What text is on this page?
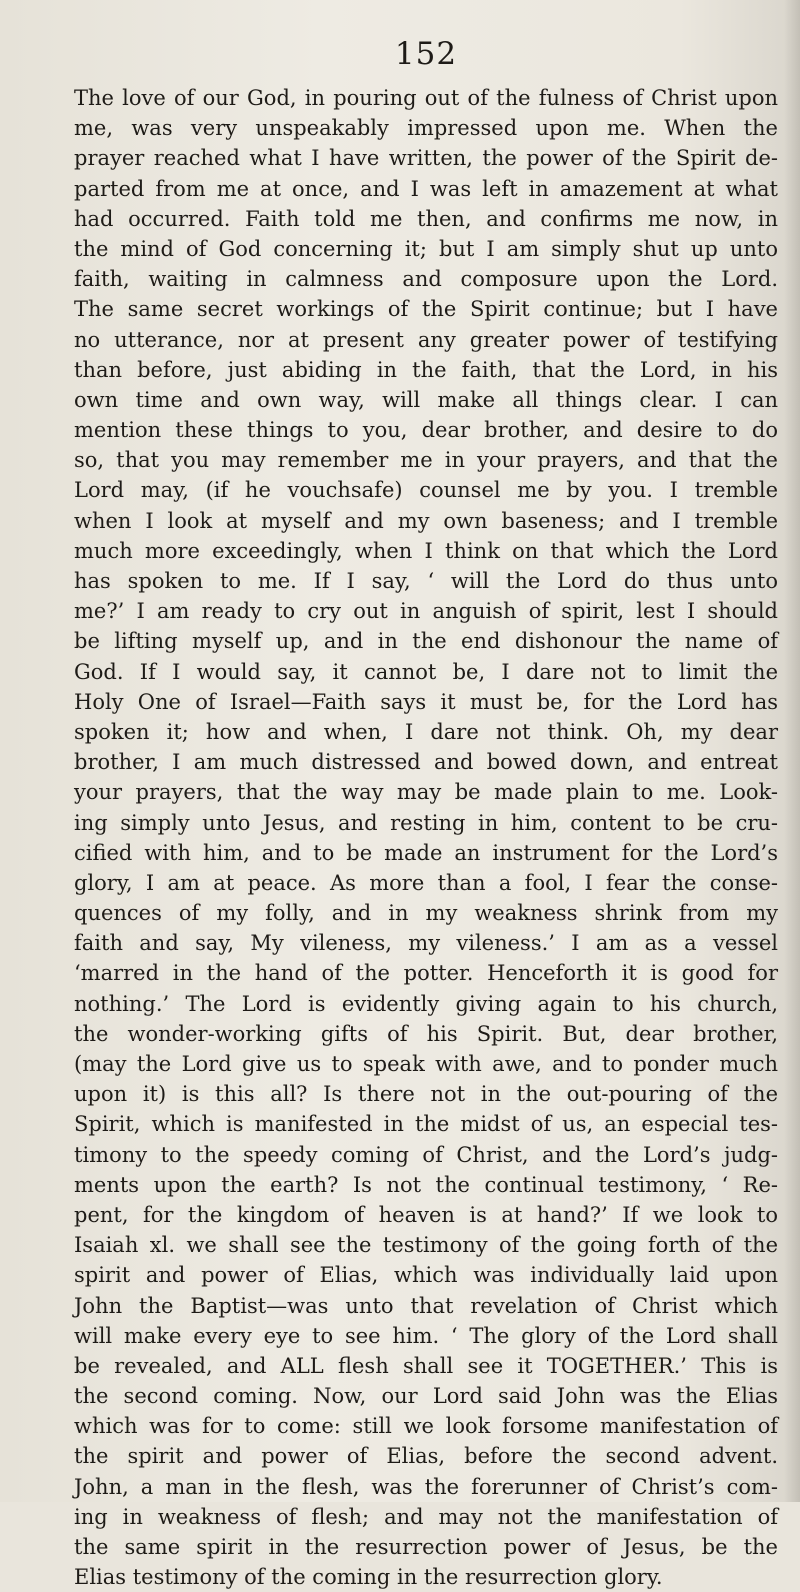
152
The love of our God, in pouring out of the fulness of Christ upon
me, was very unspeakably impressed upon me. When the
prayer reached what I have written, the power of the Spirit de-
parted from me at once, and I was left in amazement at what
had occurred. Faith told me then, and confirms me now, in
the mind of God concerning it; but I am simply shut up unto
faith, waiting in calmness and composure upon the Lord.
The same secret workings of the Spirit continue; but I have
no utterance, nor at present any greater power of testifying
than before, just abiding in the faith, that the Lord, in his
own time and own way, will make all things clear. I can
mention these things to you, dear brother, and desire to do
so, that you may remember me in your prayers, and that the
Lord may, (if he vouchsafe) counsel me by you. I tremble
when I look at myself and my own baseness; and I tremble
much more exceedingly, when I think on that which the Lord
has spoken to me. If I say, ‘ will the Lord do thus unto
me?’ I am ready to cry out in anguish of spirit, lest I should
be lifting myself up, and in the end dishonour the name of
God. If I would say, it cannot be, I dare not to limit the
Holy One of Israel—Faith says it must be, for the Lord has
spoken it; how and when, I dare not think. Oh, my dear
brother, I am much distressed and bowed down, and entreat
your prayers, that the way may be made plain to me. Look-
ing simply unto Jesus, and resting in him, content to be cru-
cified with him, and to be made an instrument for the Lord’s
glory, I am at peace. As more than a fool, I fear the conse-
quences of my folly, and in my weakness shrink from my
faith and say, My vileness, my vileness.’ I am as a vessel
‘marred in the hand of the potter. Henceforth it is good for
nothing.’ The Lord is evidently giving again to his church,
the wonder-working gifts of his Spirit. But, dear brother,
(may the Lord give us to speak with awe, and to ponder much
upon it) is this all? Is there not in the out-pouring of the
Spirit, which is manifested in the midst of us, an especial tes-
timony to the speedy coming of Christ, and the Lord’s judg-
ments upon the earth? Is not the continual testimony, ‘ Re-
pent, for the kingdom of heaven is at hand?’ If we look to
Isaiah xl. we shall see the testimony of the going forth of the
spirit and power of Elias, which was individually laid upon
John the Baptist—was unto that revelation of Christ which
will make every eye to see him. ‘ The glory of the Lord shall
be revealed, and ALL flesh shall see it TOGETHER.’ This is
the second coming. Now, our Lord said John was the Elias
which was for to come: still we look forsome manifestation of
the spirit and power of Elias, before the second advent.
John, a man in the flesh, was the forerunner of Christ’s com-
ing in weakness of flesh; and may not the manifestation of
the same spirit in the resurrection power of Jesus, be the
Elias testimony of the coming in the resurrection glory.
